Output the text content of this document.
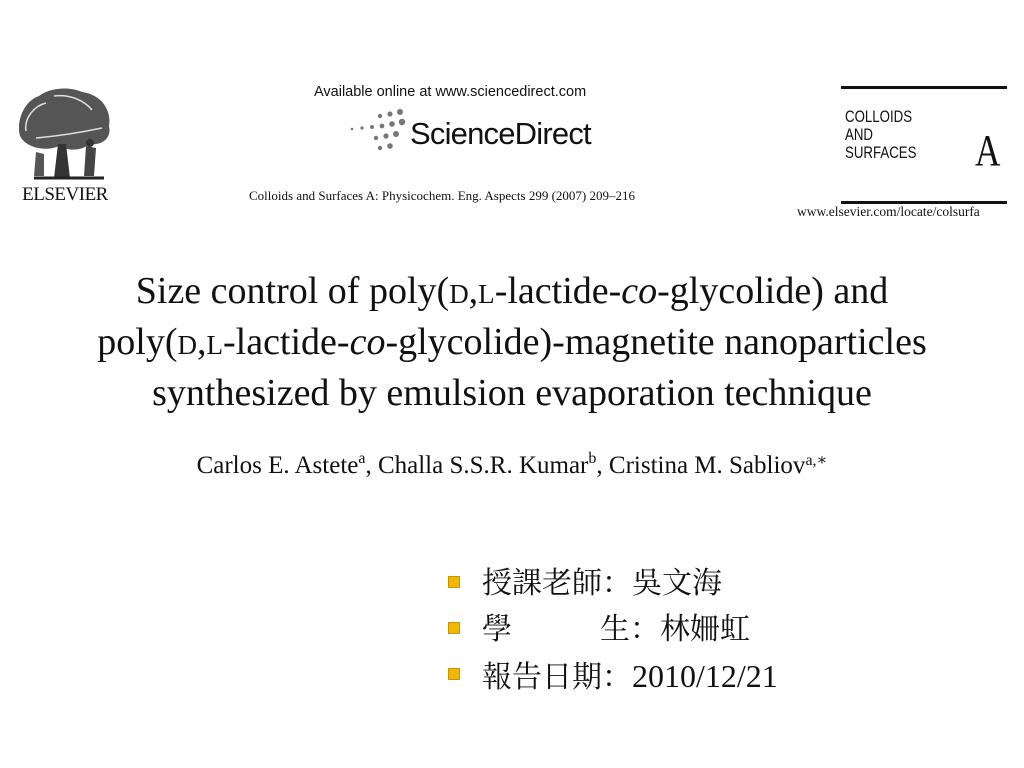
ELSEVIER
Available online at www.sciencedirect.com
ScienceDirect
Colloids and Surfaces A: Physicochem. Eng. Aspects 299 (2007) 209–216
COLLOIDS
AND
SURFACES A
www.elsevier.com/locate/colsurfa
Size control of poly(d,l-lactide-co-glycolide) and
poly(d,l-lactide-co-glycolide)-magnetite nanoparticles
synthesized by emulsion evaporation technique
Carlos E. Astete$^a$, Challa S.S.R. Kumar$^b$, Cristina M. Sabliov$^{a,∗}$
授課老師：吳文海
學	生：林姍虹
報告日期：2010/12/21
